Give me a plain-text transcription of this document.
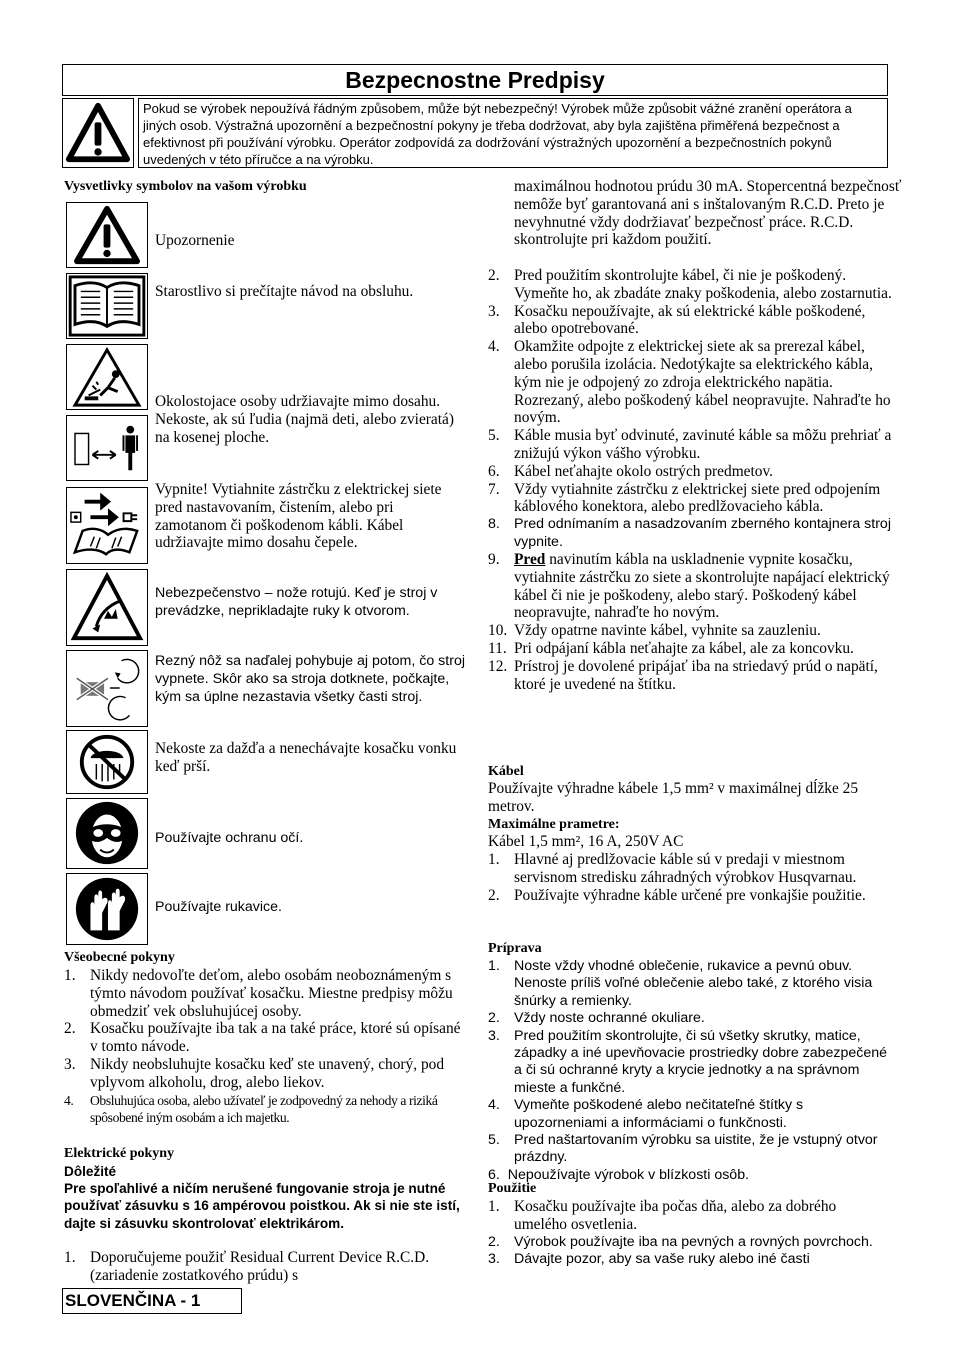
Bezpecnostne Predpisy
Pokud se výrobek nepoužívá řádným způsobem, může být nebezpečný! Výrobek může způsobit vážné zranění operátora a jiných osob. Výstražná upozornění a bezpečnostní pokyny je třeba dodržovat, aby byla zajištěna přiměřená bezpečnost a efektivnost při používání výrobku. Operátor zodpovídá za dodržování výstražných upozornění a bezpečnostních pokynů uvedených v této příručce a na výrobku.
Vysvetlivky symbolov na vašom výrobku
Upozornenie
Starostlivo si prečítajte návod na obsluhu.
Okolostojace osoby udržiavajte mimo dosahu. Nekoste, ak sú ľudia (najmä deti, alebo zvieratá) na kosenej ploche.
Vypnite! Vytiahnite zástrčku z elektrickej siete pred nastavovaním, čistením, alebo pri zamotanom či poškodenom kábli. Kábel udržiavajte mimo dosahu čepele.
Nebezpečenstvo – nože rotujú. Keď je stroj v prevádzke, neprikladajte ruky k otvorom.
Rezný nôž sa naďalej pohybuje aj potom, čo stroj vypnete. Skôr ako sa stroja dotknete, počkajte, kým sa úplne nezastavia všetky časti stroj.
Nekoste za dažďa a nenechávajte kosačku vonku keď prší.
Používajte ochranu očí.
Používajte rukavice.
Všeobecné pokyny
1. Nikdy nedovoľte deťom, alebo osobám neoboznámeným s týmto návodom používať kosačku. Miestne predpisy môžu obmedziť vek obsluhujúcej osoby.
2. Kosačku používajte iba tak a na také práce, ktoré sú opísané v tomto návode.
3. Nikdy neobsluhujte kosačku keď ste unavený, chorý, pod vplyvom alkoholu, drog, alebo liekov.
4. Obsluhujúca osoba, alebo užívateľ je zodpovedný za nehody a riziká spôsobené iným osobám a ich majetku.
Elektrické pokyny
Dôležité
Pre spoľahlivé a ničím nerušené fungovanie stroja je nutné používať zásuvku s 16 ampérovou poistkou. Ak si nie ste istí, dajte si zásuvku skontrolovať elektrikárom.
1. Doporučujeme použiť Residual Current Device R.C.D. (zariadenie zostatkového prúdu) s
maximálnou hodnotou prúdu 30 mA. Stopercentná bezpečnosť nemôže byť garantovaná ani s inštalovaným R.C.D. Preto je nevyhnutné vždy dodržiavať bezpečnosť práce. R.C.D. skontrolujte pri každom použití.
2. Pred použitím skontrolujte kábel, či nie je poškodený. Vymeňte ho, ak zbadáte znaky poškodenia, alebo zostarnutia.
3. Kosačku nepoužívajte, ak sú elektrické káble poškodené, alebo opotrebované.
4. Okamžite odpojte z elektrickej siete ak sa prerezal kábel, alebo porušila izolácia. Nedotýkajte sa elektrického kábla, kým nie je odpojený zo zdroja elektrického napätia. Rozrezaný, alebo poškodený kábel neopravujte. Nahraďte ho novým.
5. Káble musia byť odvinuté, zavinuté káble sa môžu prehriať a znižujú výkon vášho výrobku.
6. Kábel neťahajte okolo ostrých predmetov.
7. Vždy vytiahnite zástrčku z elektrickej siete pred odpojením káblového konektora, alebo predlžovacieho kábla.
8. Pred odnímaním a nasadzovaním zberného kontajnera stroj vypnite.
9. Pred navinutím kábla na uskladnenie vypnite kosačku, vytiahnite zástrčku zo siete a skontrolujte napájací elektrický kábel či nie je poškodeny, alebo starý. Poškodený kábel neopravujte, nahraďte ho novým.
10. Vždy opatrne navinte kábel, vyhnite sa zauzleniu.
11. Pri odpájaní kábla neťahajte za kábel, ale za koncovku.
12. Prístroj je dovolené pripájať iba na striedavý prúd o napätí, ktoré je uvedené na štítku.
Kábel
Používajte výhradne kábele 1,5 mm² v maximálnej dĺžke 25 metrov.
Maximálne prametre:
Kábel 1,5 mm², 16 A, 250V AC
1. Hlavné aj predlžovacie káble sú v predaji v miestnom servisnom stredisku záhradných výrobkov Husqvarnau.
2. Používajte výhradne káble určené pre vonkajšie použitie.
Príprava
1. Noste vždy vhodné oblečenie, rukavice a pevnú obuv. Nenoste príliš voľné oblečenie alebo také, z ktorého visia šnúrky a remienky.
2. Vždy noste ochranné okuliare.
3. Pred použitím skontrolujte, či sú všetky skrutky, matice, západky a iné upevňovacie prostriedky dobre zabezpečené a či sú ochranné kryty a krycie jednotky a na správnom mieste a funkčné.
4. Vymeňte poškodené alebo nečitateľné štítky s upozorneniami a informáciami o funkčnosti.
5. Pred naštartovaním výrobku sa uistite, že je vstupný otvor prázdny.
6.  Nepoužívajte výrobok v blízkosti osôb.
Použitie
1. Kosačku používajte iba počas dňa, alebo za dobrého umelého osvetlenia.
2. Výrobok používajte iba na pevných a rovných povrchoch.
3. Dávajte pozor, aby sa vaše ruky alebo iné časti
SLOVENČINA - 1
